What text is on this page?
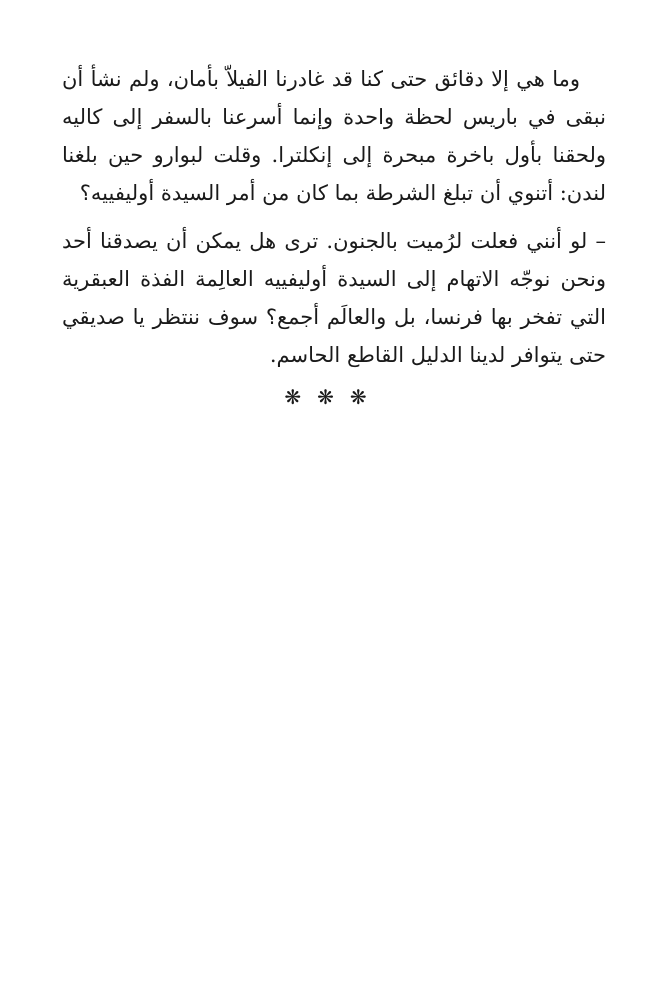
وما هي إلا دقائق حتى كنا قد غادرنا الفيلاّ بأمان، ولم نشأ أن نبقى في باريس لحظة واحدة وإنما أسرعنا بالسفر إلى كاليه ولحقنا بأول باخرة مبحرة إلى إنكلترا. وقلت لبوارو حين بلغنا لندن: أتنوي أن تبلغ الشرطة بما كان من أمر السيدة أوليفييه؟

– لو أنني فعلت لرُميت بالجنون. ترى هل يمكن أن يصدقنا أحد ونحن نوجّه الاتهام إلى السيدة أوليفييه العالِمة الفذة العبقرية التي تفخر بها فرنسا، بل والعالَم أجمع؟ سوف ننتظر يا صديقي حتى يتوافر لدينا الدليل القاطع الحاسم.

❋❋❋
